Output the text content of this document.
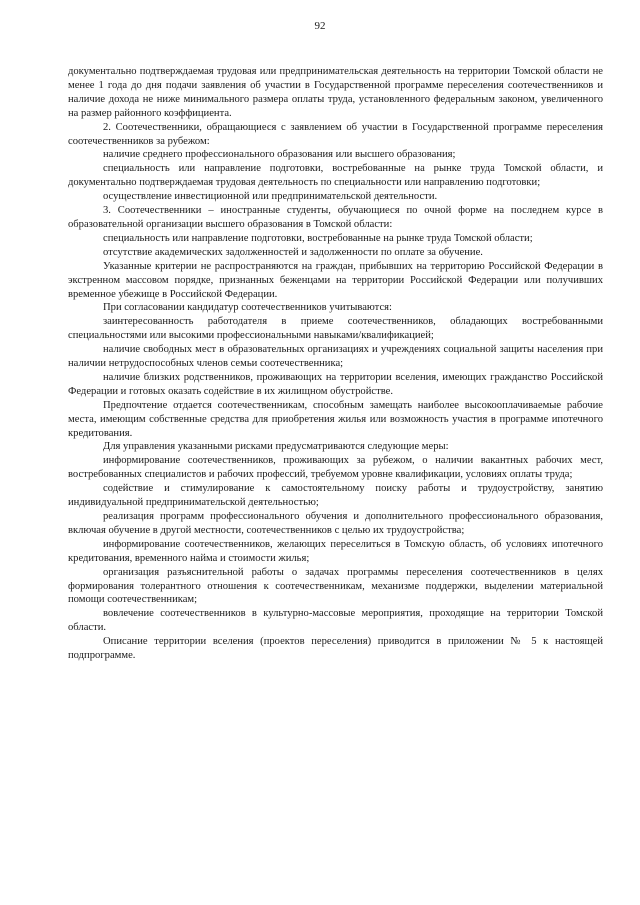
92

документально подтверждаемая трудовая или предпринимательская деятельность на территории Томской области не менее 1 года до дня подачи заявления об участии в Государственной программе переселения соотечественников и наличие дохода не ниже минимального размера оплаты труда, установленного федеральным законом, увеличенного на размер районного коэффициента.

2. Соотечественники, обращающиеся с заявлением об участии в Государственной программе переселения соотечественников за рубежом:

наличие среднего профессионального образования или высшего образования;

специальность или направление подготовки, востребованные на рынке труда Томской области, и документально подтверждаемая трудовая деятельность по специальности или направлению подготовки;

осуществление инвестиционной или предпринимательской деятельности.

3. Соотечественники – иностранные студенты, обучающиеся по очной форме на последнем курсе в образовательной организации высшего образования в Томской области:

специальность или направление подготовки, востребованные на рынке труда Томской области;

отсутствие академических задолженностей и задолженности по оплате за обучение.

Указанные критерии не распространяются на граждан, прибывших на территорию Российской Федерации в экстренном массовом порядке, признанных беженцами на территории Российской Федерации или получивших временное убежище в Российской Федерации.

При согласовании кандидатур соотечественников учитываются:

заинтересованность работодателя в приеме соотечественников, обладающих востребованными специальностями или высокими профессиональными навыками/квалификацией;

наличие свободных мест в образовательных организациях и учреждениях социальной защиты населения при наличии нетрудоспособных членов семьи соотечественника;

наличие близких родственников, проживающих на территории вселения, имеющих гражданство Российской Федерации и готовых оказать содействие в их жилищном обустройстве.

Предпочтение отдается соотечественникам, способным замещать наиболее высокооплачиваемые рабочие места, имеющим собственные средства для приобретения жилья или возможность участия в программе ипотечного кредитования.

Для управления указанными рисками предусматриваются следующие меры:

информирование соотечественников, проживающих за рубежом, о наличии вакантных рабочих мест, востребованных специалистов и рабочих профессий, требуемом уровне квалификации, условиях оплаты труда;

содействие и стимулирование к самостоятельному поиску работы и трудоустройству, занятию индивидуальной предпринимательской деятельностью;

реализация программ профессионального обучения и дополнительного профессионального образования, включая обучение в другой местности, соотечественников с целью их трудоустройства;

информирование соотечественников, желающих переселиться в Томскую область, об условиях ипотечного кредитования, временного найма и стоимости жилья;

организация разъяснительной работы о задачах программы переселения соотечественников в целях формирования толерантного отношения к соотечественникам, механизме поддержки, выделении материальной помощи соотечественникам;

вовлечение соотечественников в культурно-массовые мероприятия, проходящие на территории Томской области.

Описание территории вселения (проектов переселения) приводится в приложении № 5 к настоящей подпрограмме.
